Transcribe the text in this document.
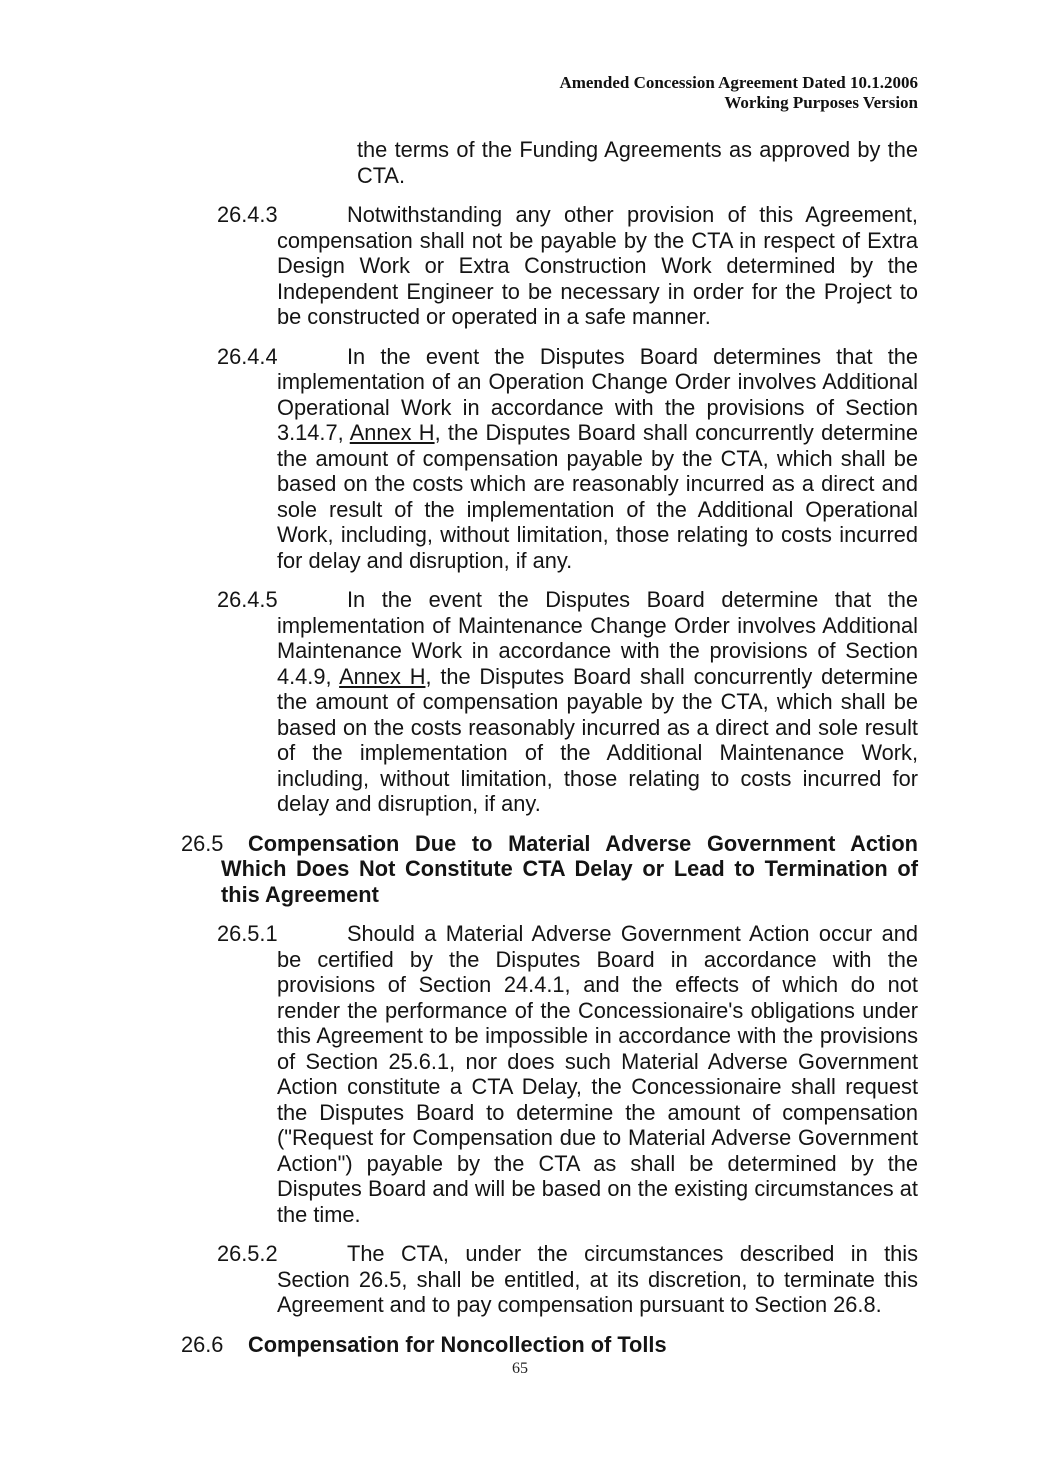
Amended Concession Agreement Dated 10.1.2006
Working Purposes Version
the terms of the Funding Agreements as approved by the CTA.
26.4.3	Notwithstanding any other provision of this Agreement, compensation shall not be payable by the CTA in respect of Extra Design Work or Extra Construction Work determined by the Independent Engineer to be necessary in order for the Project to be constructed or operated in a safe manner.
26.4.4	In the event the Disputes Board determines that the implementation of an Operation Change Order involves Additional Operational Work in accordance with the provisions of Section 3.14.7, Annex H, the Disputes Board shall concurrently determine the amount of compensation payable by the CTA, which shall be based on the costs which are reasonably incurred as a direct and sole result of the implementation of the Additional Operational Work, including, without limitation, those relating to costs incurred for delay and disruption, if any.
26.4.5	In the event the Disputes Board determine that the implementation of Maintenance Change Order involves Additional Maintenance Work in accordance with the provisions of Section 4.4.9, Annex H, the Disputes Board shall concurrently determine the amount of compensation payable by the CTA, which shall be based on the costs reasonably incurred as a direct and sole result of the implementation of the Additional Maintenance Work, including, without limitation, those relating to costs incurred for delay and disruption, if any.
26.5 Compensation Due to Material Adverse Government Action Which Does Not Constitute CTA Delay or Lead to Termination of this Agreement
26.5.1	Should a Material Adverse Government Action occur and be certified by the Disputes Board in accordance with the provisions of Section 24.4.1, and the effects of which do not render the performance of the Concessionaire's obligations under this Agreement to be impossible in accordance with the provisions of Section 25.6.1, nor does such Material Adverse Government Action constitute a CTA Delay, the Concessionaire shall request the Disputes Board to determine the amount of compensation ("Request for Compensation due to Material Adverse Government Action") payable by the CTA as shall be determined by the Disputes Board and will be based on the existing circumstances at the time.
26.5.2	The CTA, under the circumstances described in this Section 26.5, shall be entitled, at its discretion, to terminate this Agreement and to pay compensation pursuant to Section 26.8.
26.6 Compensation for Noncollection of Tolls
65
